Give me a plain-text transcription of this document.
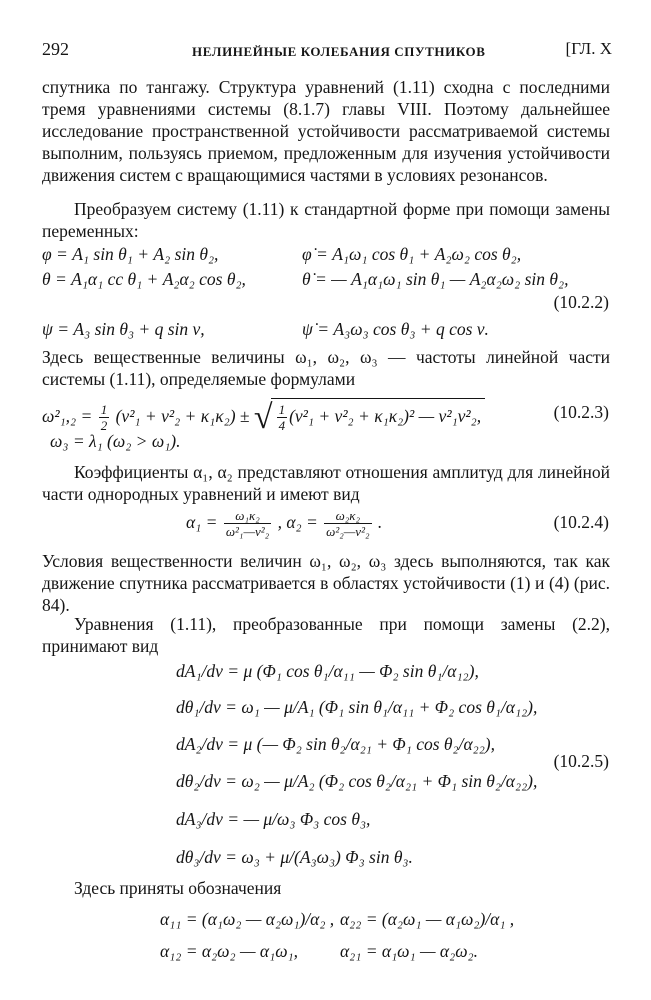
292	НЕЛИНЕЙНЫЕ КОЛЕБАНИЯ СПУТНИКОВ	[ГЛ. X

спутника по тангажу. Структура уравнений (1.11) сходна с последними тремя уравнениями системы (8.1.7) главы VIII. Поэтому дальнейшее исследование пространственной устойчивости рассматриваемой системы выполним, пользуясь приемом, предложенным для изучения устойчивости движения систем с вращающимися частями в условиях резонансов.

Преобразуем систему (1.11) к стандартной форме при помощи замены переменных:

φ = A₁ sin θ₁ + A₂ sin θ₂,	φ̇ = A₁ω₁ cos θ₁ + A₂ω₂ cos θ₂,
θ = A₁α₁ cc θ₁ + A₂α₂ cos θ₂,	θ̇ = — A₁α₁ω₁ sin θ₁ — A₂α₂ω₂ sin θ₂,
(10.2.2)
ψ = A₃ sin θ₃ + q sin ν,	ψ̇ = A₃ω₃ cos θ₃ + q cos ν.

Здесь вещественные величины ω₁, ω₂, ω₃ — частоты линейной части системы (1.11), определяемые формулами

$\omega^2_1,_2 = \frac{1}{2} (\nu^2_1 + \nu^2_2 + \kappa_1\kappa_2)$ ± √ $\frac{1}{4} (\nu^2_1 + \nu^2_2 + \kappa_1\kappa_2)^2$ — ν²₁ν²₂,	(10.2.3)
ω₃ = λ₁ (ω₂ > ω₁).

Коэффициенты α₁, α₂ представляют отношения амплитуд для линейной части однородных уравнений и имеют вид

$\alpha_1 = \frac{\text{ω₁κ₂}}{\text{ω²₁—ν²₂}}$ , $\alpha_2 = \frac{\text{ω₂κ₂}}{\text{ω²₂—ν²₂}}$ .	(10.2.4)

Условия вещественности величин ω₁, ω₂, ω₃ здесь выполняются, так как движение спутника рассматривается в областях устойчивости (1) и (4) (рис. 84).

Уравнения (1.11), преобразованные при помощи замены (2.2), принимают вид

dA₁/dν = μ (Φ₁ cos θ₁/α₁₁ — Φ₂ sin θ₁/α₁₂),
dθ₁/dν = ω₁ — μ/A₁ (Φ₁ sin θ₁/α₁₁ + Φ₂ cos θ₁/α₁₂),
dA₂/dν = μ (— Φ₂ sin θ₂/α₂₁ + Φ₁ cos θ₂/α₂₂),
dθ₂/dν = ω₂ — μ/A₂ (Φ₂ cos θ₂/α₂₁ + Φ₁ sin θ₂/α₂₂),
dA₃/dν = — μ/ω₃ Φ₃ cos θ₃,
dθ₃/dν = ω₃ + μ/(A₃ω₃) Φ₃ sin θ₃.
(10.2.5)

Здесь приняты обозначения

α₁₁ = (α₁ω₂ — α₂ω₁)/α₂ , α₂₂ = (α₂ω₁ — α₁ω₂)/α₁ ,
α₁₂ = α₂ω₂ — α₁ω₁, α₂₁ = α₁ω₁ — α₂ω₂.
